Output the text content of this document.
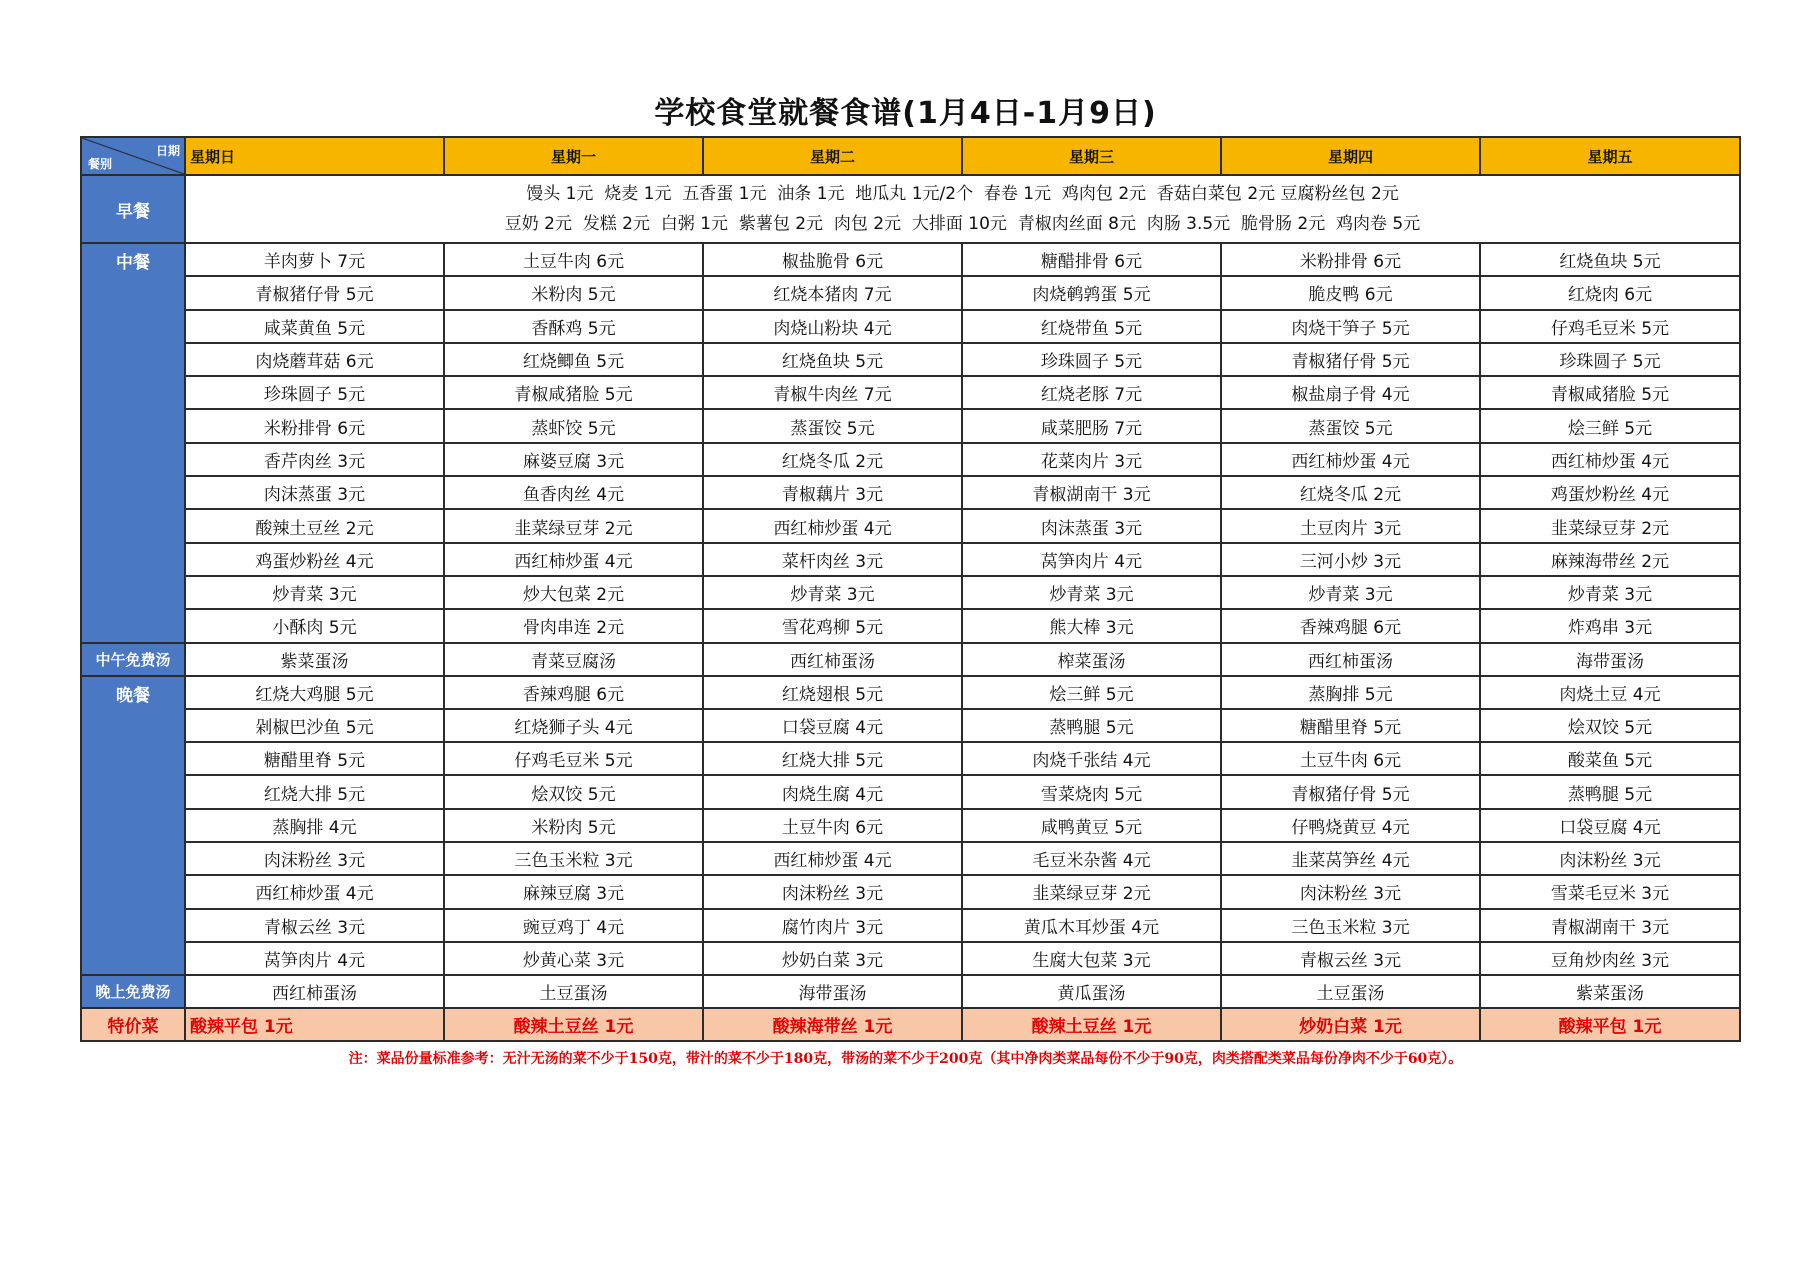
学校食堂就餐食谱(1月4日-1月9日)
餐别
日期	星期日	星期一	星期二	星期三	星期四	星期五
早餐	馒头 1元  烧麦 1元  五香蛋 1元  油条 1元  地瓜丸 1元/2个  春卷 1元  鸡肉包 2元  香菇白菜包 2元 豆腐粉丝包 2元
豆奶 2元  发糕 2元  白粥 1元  紫薯包 2元  肉包 2元  大排面 10元  青椒肉丝面 8元  肉肠 3.5元  脆骨肠 2元  鸡肉卷 5元					

中餐	羊肉萝卜 7元	土豆牛肉 6元	椒盐脆骨 6元	糖醋排骨 6元	米粉排骨 6元	红烧鱼块 5元
	青椒猪仔骨 5元	米粉肉 5元	红烧本猪肉 7元	肉烧鹌鹑蛋 5元	脆皮鸭 6元	红烧肉 6元
	咸菜黄鱼 5元	香酥鸡 5元	肉烧山粉块 4元	红烧带鱼 5元	肉烧干笋子 5元	仔鸡毛豆米 5元
	肉烧蘑茸菇 6元	红烧鲫鱼 5元	红烧鱼块 5元	珍珠圆子 5元	青椒猪仔骨 5元	珍珠圆子 5元
	珍珠圆子 5元	青椒咸猪脸 5元	青椒牛肉丝 7元	红烧老豚 7元	椒盐扇子骨 4元	青椒咸猪脸 5元
	米粉排骨 6元	蒸虾饺 5元	蒸蛋饺 5元	咸菜肥肠 7元	蒸蛋饺 5元	烩三鲜 5元
	香芹肉丝 3元	麻婆豆腐 3元	红烧冬瓜 2元	花菜肉片 3元	西红柿炒蛋 4元	西红柿炒蛋 4元
	肉沫蒸蛋 3元	鱼香肉丝 4元	青椒藕片 3元	青椒湖南干 3元	红烧冬瓜 2元	鸡蛋炒粉丝 4元
	酸辣土豆丝 2元	韭菜绿豆芽 2元	西红柿炒蛋 4元	肉沫蒸蛋 3元	土豆肉片 3元	韭菜绿豆芽 2元
	鸡蛋炒粉丝 4元	西红柿炒蛋 4元	菜杆肉丝 3元	莴笋肉片 4元	三河小炒 3元	麻辣海带丝 2元
	炒青菜 3元	炒大包菜 2元	炒青菜 3元	炒青菜 3元	炒青菜 3元	炒青菜 3元
	小酥肉 5元	骨肉串连 2元	雪花鸡柳 5元	熊大棒 3元	香辣鸡腿 6元	炸鸡串 3元
中午免费汤	紫菜蛋汤	青菜豆腐汤	西红柿蛋汤	榨菜蛋汤	西红柿蛋汤	海带蛋汤
晚餐	红烧大鸡腿 5元	香辣鸡腿 6元	红烧翅根 5元	烩三鲜 5元	蒸胸排 5元	肉烧土豆 4元
	剁椒巴沙鱼 5元	红烧狮子头 4元	口袋豆腐 4元	蒸鸭腿 5元	糖醋里脊 5元	烩双饺 5元
	糖醋里脊 5元	仔鸡毛豆米 5元	红烧大排 5元	肉烧千张结 4元	土豆牛肉 6元	酸菜鱼 5元
	红烧大排 5元	烩双饺 5元	肉烧生腐 4元	雪菜烧肉 5元	青椒猪仔骨 5元	蒸鸭腿 5元
	蒸胸排 4元	米粉肉 5元	土豆牛肉 6元	咸鸭黄豆 5元	仔鸭烧黄豆 4元	口袋豆腐 4元
	肉沫粉丝 3元	三色玉米粒 3元	西红柿炒蛋 4元	毛豆米杂酱 4元	韭菜莴笋丝 4元	肉沫粉丝 3元
	西红柿炒蛋 4元	麻辣豆腐 3元	肉沫粉丝 3元	韭菜绿豆芽 2元	肉沫粉丝 3元	雪菜毛豆米 3元
	青椒云丝 3元	豌豆鸡丁 4元	腐竹肉片 3元	黄瓜木耳炒蛋 4元	三色玉米粒 3元	青椒湖南干 3元
	莴笋肉片 4元	炒黄心菜 3元	炒奶白菜 3元	生腐大包菜 3元	青椒云丝 3元	豆角炒肉丝 3元
晚上免费汤	西红柿蛋汤	土豆蛋汤	海带蛋汤	黄瓜蛋汤	土豆蛋汤	紫菜蛋汤
特价菜	酸辣平包 1元	酸辣土豆丝 1元	酸辣海带丝 1元	酸辣土豆丝 1元	炒奶白菜 1元	酸辣平包 1元
注：菜品份量标准参考：无汁无汤的菜不少于150克，带汁的菜不少于180克，带汤的菜不少于200克（其中净肉类菜品每份不少于90克，肉类搭配类菜品每份净肉不少于60克）。
